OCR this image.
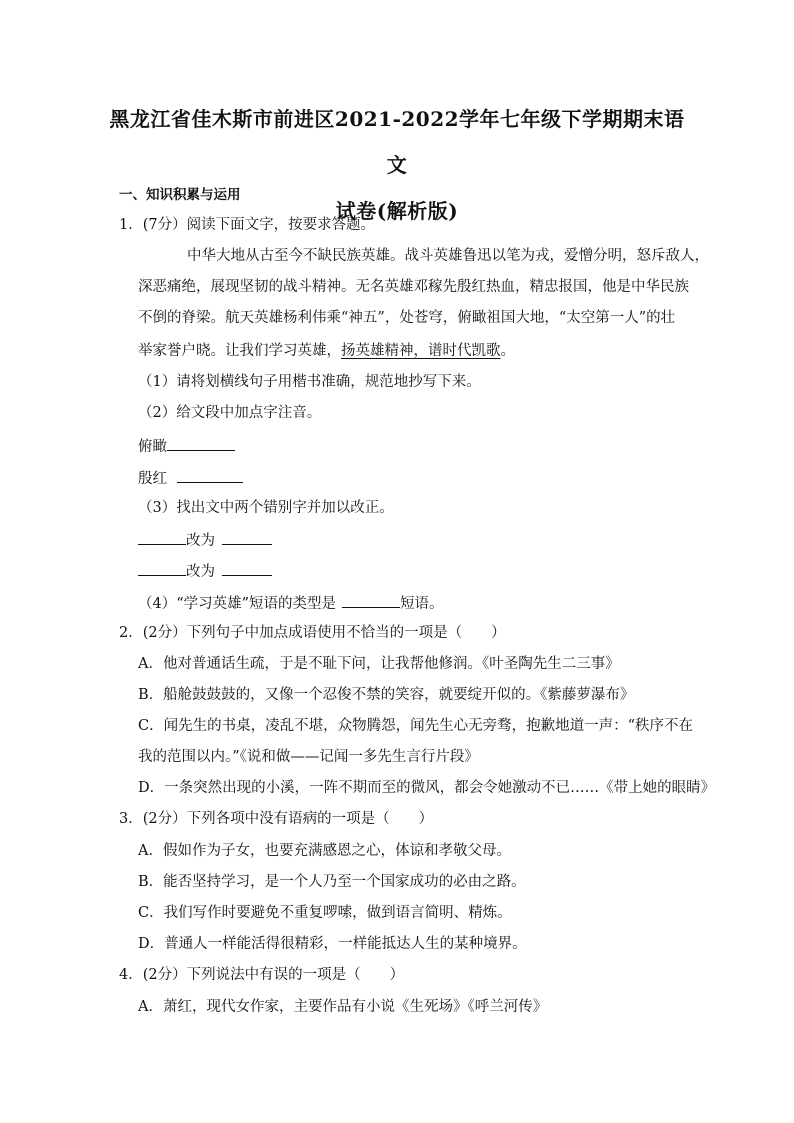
黑龙江省佳木斯市前进区2021-2022学年七年级下学期期末语文
试卷(解析版)
一、知识积累与运用
1．(7分）阅读下面文字，按要求答题。
中华大地从古至今不缺民族英雄。战斗英雄鲁迅以笔为戎，爱憎分明，怒斥敌人，
深恶痛绝，展现坚韧的战斗精神。无名英雄邓稼先殷红热血，精忠报国，他是中华民族
不倒的脊梁。航天英雄杨利伟乘“神五”，处苍穹，俯瞰祖国大地，“太空第一人”的壮
举家誉户晓。让我们学习英雄，扬英雄精神，谱时代凯歌。
（1）请将划横线句子用楷书准确，规范地抄写下来。
（2）给文段中加点字注音。
俯瞰
殷红
（3）找出文中两个错别字并加以改正。
改为
改为
（4）“学习英雄”短语的类型是	短语。
2．(2分）下列句子中加点成语使用不恰当的一项是（　　）
A．他对普通话生疏，于是不耻下问，让我帮他修润。《叶圣陶先生二三事》
B．船舱鼓鼓鼓的，又像一个忍俊不禁的笑容，就要绽开似的。《紫藤萝瀑布》
C．闻先生的书桌，凌乱不堪，众物腾怨，闻先生心无旁骛，抱歉地道一声：“秩序不在
我的范围以内。”《说和做——记闻一多先生言行片段》
D．一条突然出现的小溪，一阵不期而至的微风，都会令她激动不已……《带上她的眼睛》
3．(2分）下列各项中没有语病的一项是（　　）
A．假如作为子女，也要充满感恩之心，体谅和孝敬父母。
B．能否坚持学习，是一个人乃至一个国家成功的必由之路。
C．我们写作时要避免不重复啰嗦，做到语言简明、精炼。
D．普通人一样能活得很精彩，一样能抵达人生的某种境界。
4．(2分）下列说法中有误的一项是（　　）
A．萧红，现代女作家，主要作品有小说《生死场》《呼兰河传》
